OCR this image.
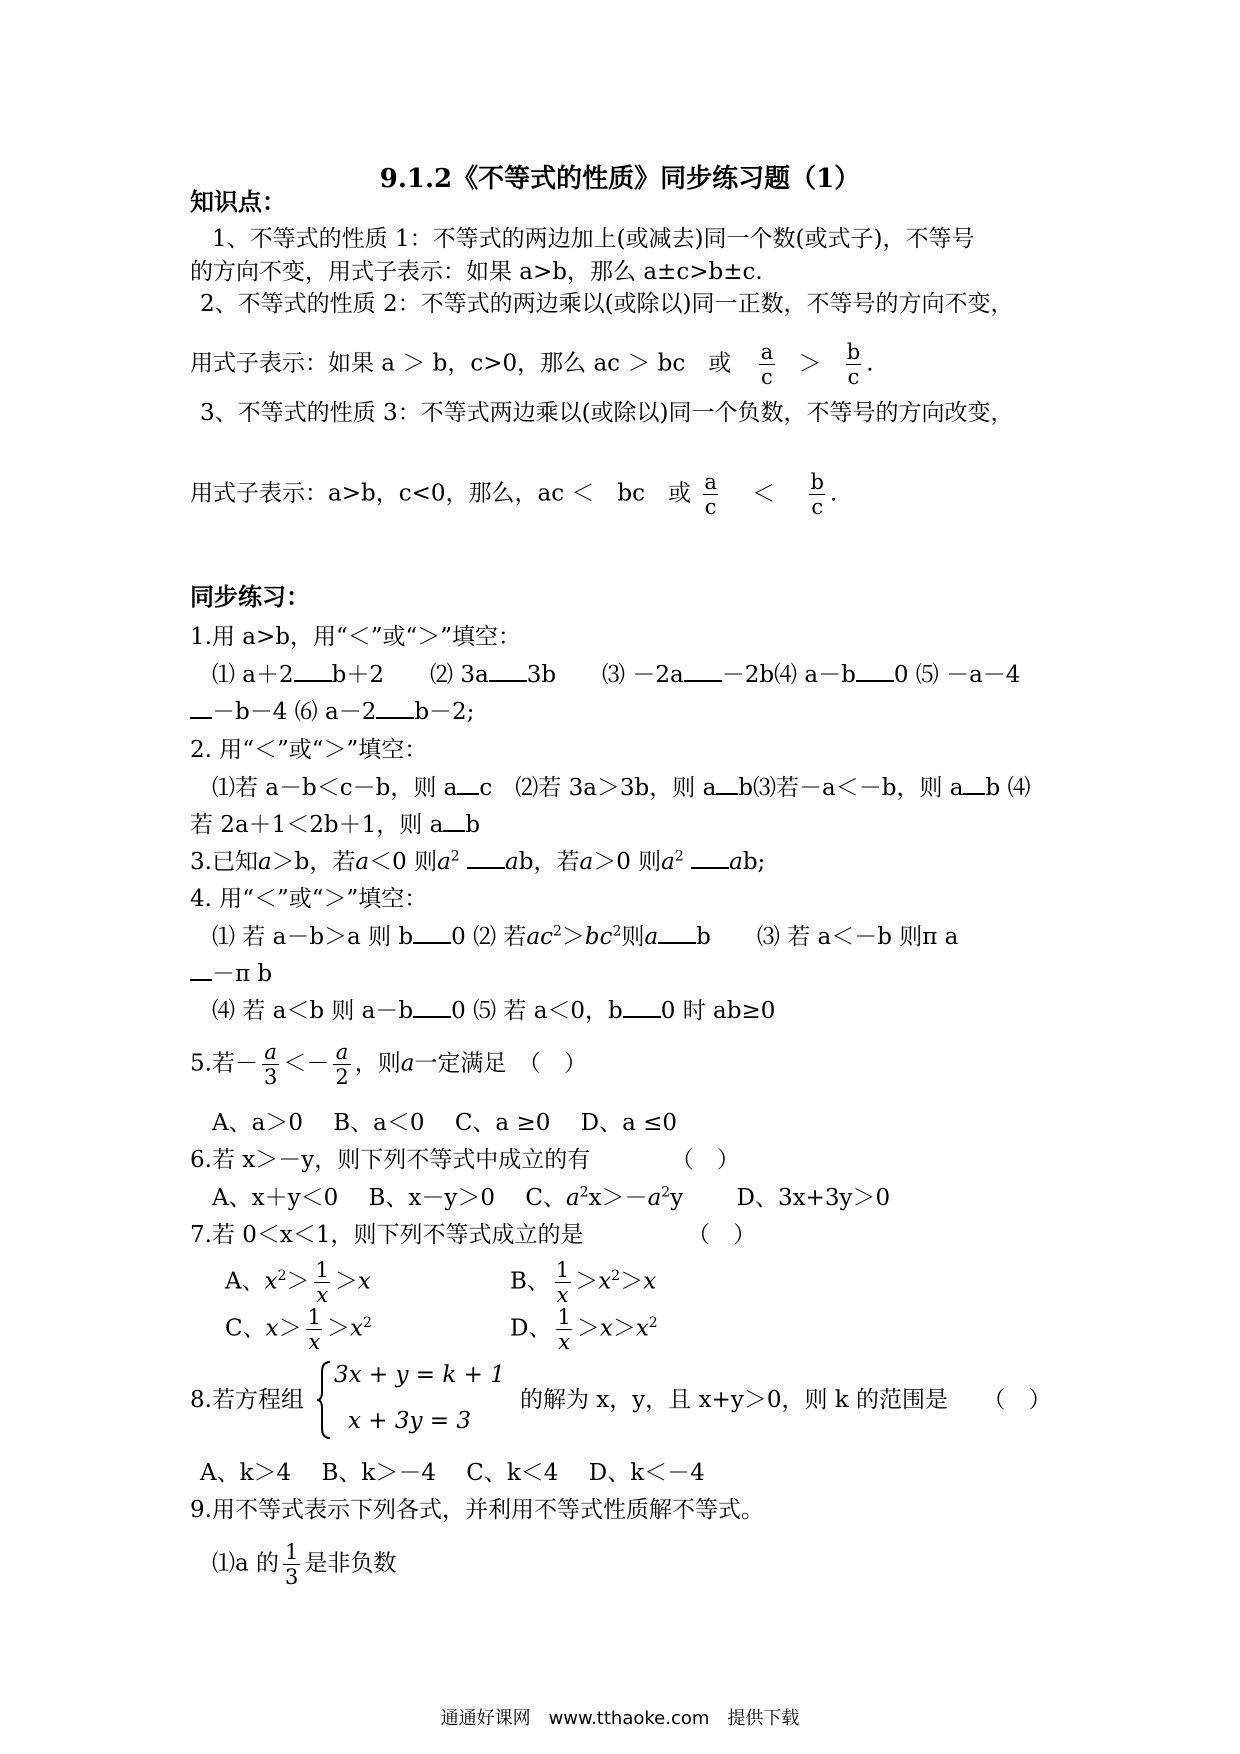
9.1.2《不等式的性质》同步练习题（1）
知识点：
1、不等式的性质 1：不等式的两边加上(或减去)同一个数(或式子)，不等号
的方向不变，用式子表示：如果 a>b，那么 a±c>b±c.
2、不等式的性质 2：不等式的两边乘以(或除以)同一正数，不等号的方向不变，
用式子表示：如果 a ＞ b，c>0，那么 ac ＞ bc　或 $\frac{a}{c} > \frac{b}{c}$ .
3、不等式的性质 3：不等式两边乘以(或除以)同一个负数，不等号的方向改变，
用式子表示：a>b，c<0，那么，ac ＜　bc　或 $\frac{a}{c} < \frac{b}{c}$ .
同步练习：
1.用 a>b，用“＜”或“＞”填空：
⑴ a＋2 b＋2　　⑵ 3a 3b　　⑶ －2a －2b⑷ a－b 0 ⑸ －a－4
－b－4 ⑹ a－2 b－2;
2. 用“＜”或“＞”填空：
⑴若 a－b＜c－b，则 a c　⑵若 3a＞3b，则 a b⑶若－a＜－b，则 a b ⑷
若 2a＋1＜2b＋1，则 a b
3.已知a＞b，若a＜0 则$a^2$ ab，若a＞0 则$a^2$ ab;
4. 用“＜”或“＞”填空：
⑴ 若 a－b＞a 则 b 0 ⑵ 若$ac^2>bc^2$则a b　　⑶ 若 a＜－b 则π a
－π b
⑷ 若 a＜b 则 a－b 0 ⑸ 若 a＜0，b 0 时 ab≥0
5.若－ $\frac{a}{3} <- \frac{a}{2}$ ，则a一定满足　（　）
A、a＞0　 B、a＜0　 C、a ≥0　 D、a ≤0
6.若 x＞－y，则下列不等式中成立的有　　　　（　）
A、x＋y＜0　 B、x－y＞0　 C、$a^2x>-a^2y$　　 D、3x+3y＞0
7.若 0＜x＜1，则下列不等式成立的是　　　　　（　）
A、$x^2> \frac{1}{x} >x$	B、 $\frac{1}{x} >x^2>x$
C、$x> \frac{1}{x} >x^2$	D、 $\frac{1}{x} >x>x^2$
8.若方程组
3x + y = k + 1
x + 3y = 3
的解为 x，y，且 x+y＞0，则 k 的范围是　　（　）
A、k＞4　 B、k＞－4　 C、k＜4　 D、k＜－4
9.用不等式表示下列各式，并利用不等式性质解不等式。
⑴a 的 $\frac{1}{3}$ 是非负数
通通好课网　www.tthaoke.com　提供下载
